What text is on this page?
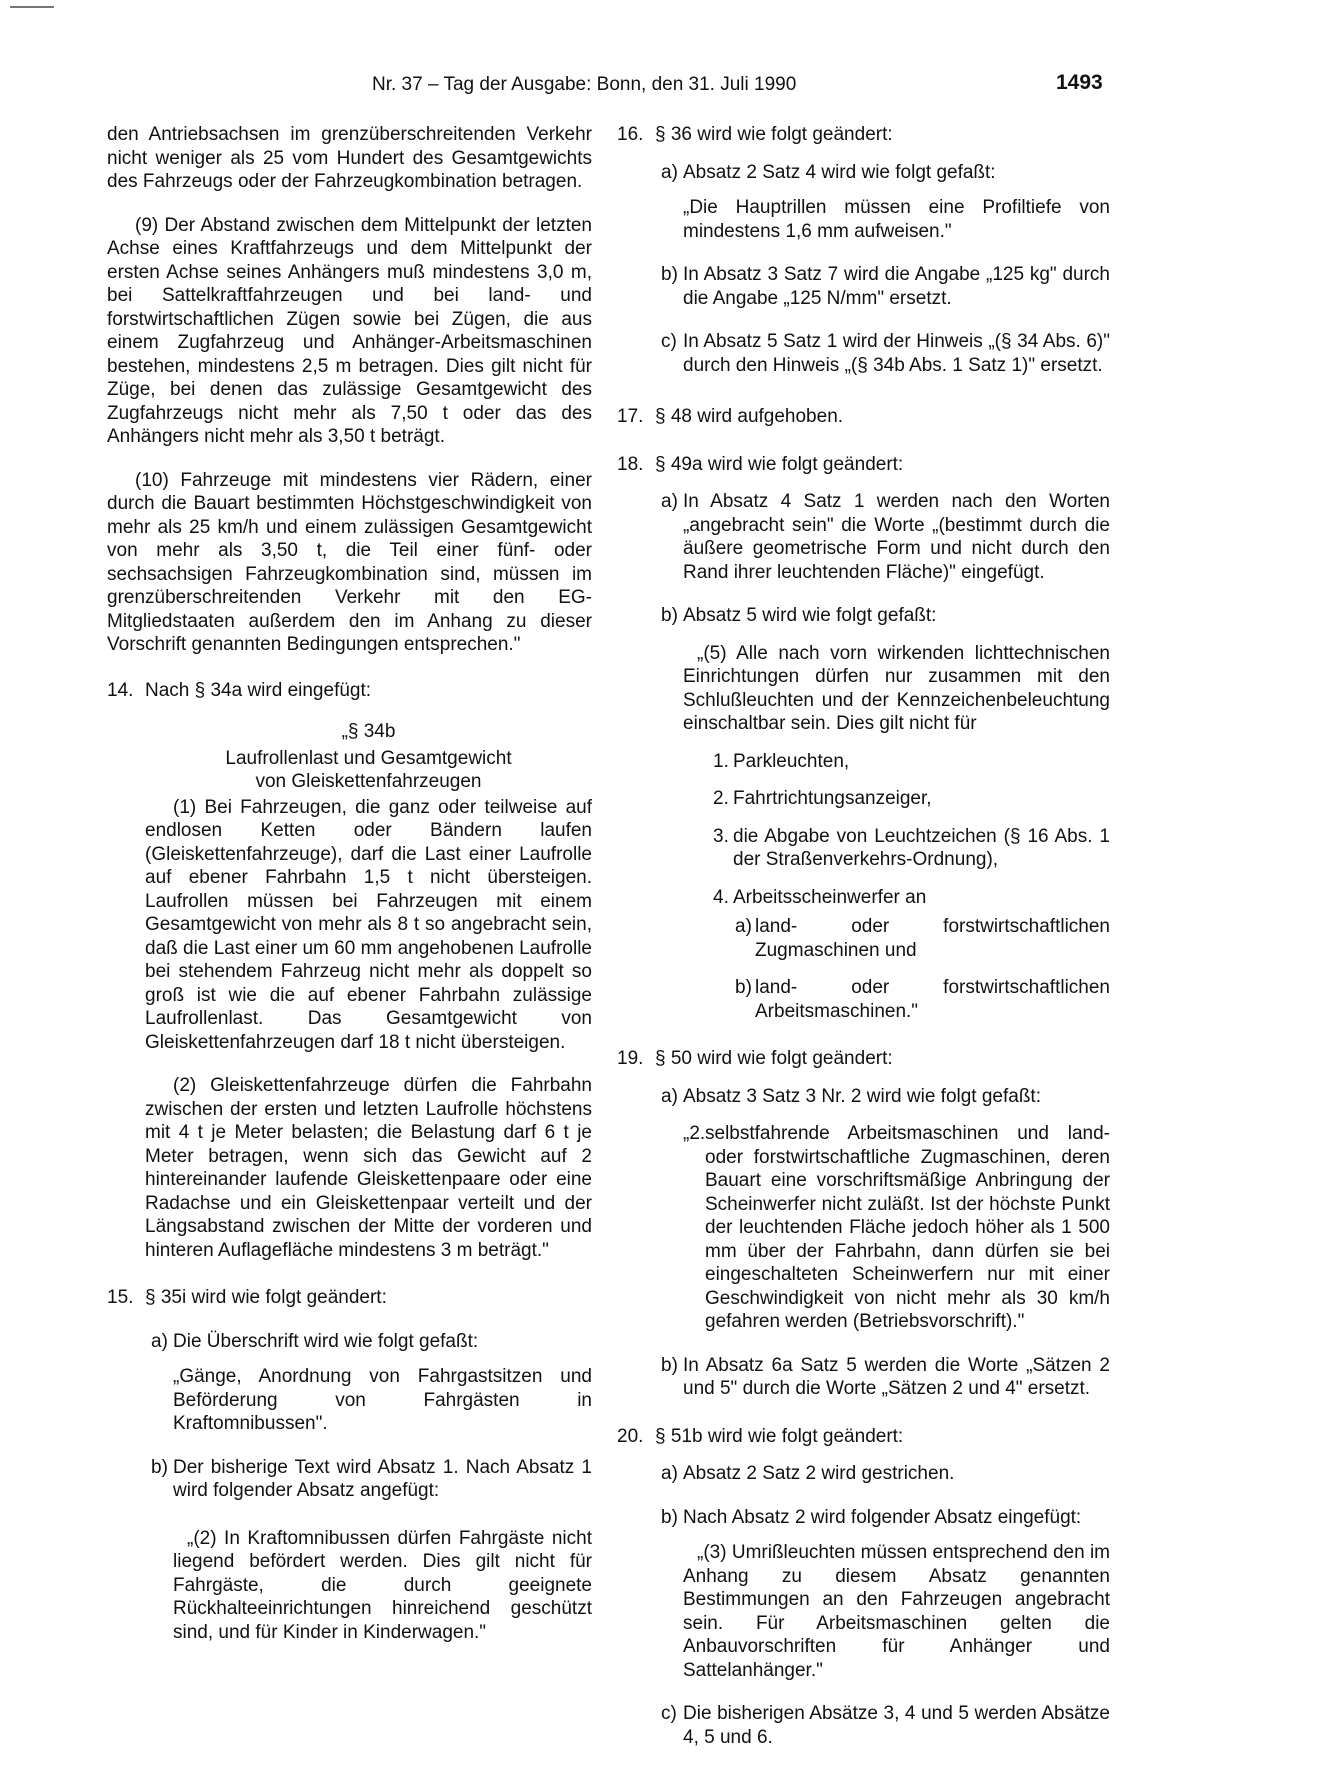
Nr. 37 – Tag der Ausgabe: Bonn, den 31. Juli 1990	1493

den Antriebsachsen im grenzüberschreitenden Verkehr nicht weniger als 25 vom Hundert des Gesamtgewichts des Fahrzeugs oder der Fahrzeugkombination betragen.

(9) Der Abstand zwischen dem Mittelpunkt der letzten Achse eines Kraftfahrzeugs und dem Mittelpunkt der ersten Achse seines Anhängers muß mindestens 3,0 m, bei Sattelkraftfahrzeugen und bei land- und forstwirtschaftlichen Zügen sowie bei Zügen, die aus einem Zugfahrzeug und Anhänger-Arbeitsmaschinen bestehen, mindestens 2,5 m betragen. Dies gilt nicht für Züge, bei denen das zulässige Gesamtgewicht des Zugfahrzeugs nicht mehr als 7,50 t oder das des Anhängers nicht mehr als 3,50 t beträgt.

(10) Fahrzeuge mit mindestens vier Rädern, einer durch die Bauart bestimmten Höchstgeschwindigkeit von mehr als 25 km/h und einem zulässigen Gesamtgewicht von mehr als 3,50 t, die Teil einer fünf- oder sechsachsigen Fahrzeugkombination sind, müssen im grenzüberschreitenden Verkehr mit den EG-Mitgliedstaaten außerdem den im Anhang zu dieser Vorschrift genannten Bedingungen entsprechen."

14. Nach § 34a wird eingefügt:

„§ 34b

Laufrollenlast und Gesamtgewicht

von Gleiskettenfahrzeugen

(1) Bei Fahrzeugen, die ganz oder teilweise auf endlosen Ketten oder Bändern laufen (Gleiskettenfahrzeuge), darf die Last einer Laufrolle auf ebener Fahrbahn 1,5 t nicht übersteigen. Laufrollen müssen bei Fahrzeugen mit einem Gesamtgewicht von mehr als 8 t so angebracht sein, daß die Last einer um 60 mm angehobenen Laufrolle bei stehendem Fahrzeug nicht mehr als doppelt so groß ist wie die auf ebener Fahrbahn zulässige Laufrollenlast. Das Gesamtgewicht von Gleiskettenfahrzeugen darf 18 t nicht übersteigen.

(2) Gleiskettenfahrzeuge dürfen die Fahrbahn zwischen der ersten und letzten Laufrolle höchstens mit 4 t je Meter belasten; die Belastung darf 6 t je Meter betragen, wenn sich das Gewicht auf 2 hintereinander laufende Gleiskettenpaare oder eine Radachse und ein Gleiskettenpaar verteilt und der Längsabstand zwischen der Mitte der vorderen und hinteren Auflagefläche mindestens 3 m beträgt."

15. § 35i wird wie folgt geändert:

a) Die Überschrift wird wie folgt gefaßt:

„Gänge, Anordnung von Fahrgastsitzen und Beförderung von Fahrgästen in Kraftomnibussen".

b) Der bisherige Text wird Absatz 1. Nach Absatz 1 wird folgender Absatz angefügt:

„(2) In Kraftomnibussen dürfen Fahrgäste nicht liegend befördert werden. Dies gilt nicht für Fahrgäste, die durch geeignete Rückhalteeinrichtungen hinreichend geschützt sind, und für Kinder in Kinderwagen."

16. § 36 wird wie folgt geändert:

a) Absatz 2 Satz 4 wird wie folgt gefaßt:

„Die Hauptrillen müssen eine Profiltiefe von mindestens 1,6 mm aufweisen."

b) In Absatz 3 Satz 7 wird die Angabe „125 kg" durch die Angabe „125 N/mm" ersetzt.

c) In Absatz 5 Satz 1 wird der Hinweis „(§ 34 Abs. 6)" durch den Hinweis „(§ 34b Abs. 1 Satz 1)" ersetzt.

17. § 48 wird aufgehoben.

18. § 49a wird wie folgt geändert:

a) In Absatz 4 Satz 1 werden nach den Worten „angebracht sein" die Worte „(bestimmt durch die äußere geometrische Form und nicht durch den Rand ihrer leuchtenden Fläche)" eingefügt.

b) Absatz 5 wird wie folgt gefaßt:

„(5) Alle nach vorn wirkenden lichttechnischen Einrichtungen dürfen nur zusammen mit den Schlußleuchten und der Kennzeichenbeleuchtung einschaltbar sein. Dies gilt nicht für

1. Parkleuchten,

2. Fahrtrichtungsanzeiger,

3. die Abgabe von Leuchtzeichen (§ 16 Abs. 1 der Straßenverkehrs-Ordnung),

4. Arbeitsscheinwerfer an

a) land- oder forstwirtschaftlichen Zugmaschinen und

b) land- oder forstwirtschaftlichen Arbeitsmaschinen."

19. § 50 wird wie folgt geändert:

a) Absatz 3 Satz 3 Nr. 2 wird wie folgt gefaßt:

„2. selbstfahrende Arbeitsmaschinen und land- oder forstwirtschaftliche Zugmaschinen, deren Bauart eine vorschriftsmäßige Anbringung der Scheinwerfer nicht zuläßt. Ist der höchste Punkt der leuchtenden Fläche jedoch höher als 1 500 mm über der Fahrbahn, dann dürfen sie bei eingeschalteten Scheinwerfern nur mit einer Geschwindigkeit von nicht mehr als 30 km/h gefahren werden (Betriebsvorschrift)."

b) In Absatz 6a Satz 5 werden die Worte „Sätzen 2 und 5" durch die Worte „Sätzen 2 und 4" ersetzt.

20. § 51b wird wie folgt geändert:

a) Absatz 2 Satz 2 wird gestrichen.

b) Nach Absatz 2 wird folgender Absatz eingefügt:

„(3) Umrißleuchten müssen entsprechend den im Anhang zu diesem Absatz genannten Bestimmungen an den Fahrzeugen angebracht sein. Für Arbeitsmaschinen gelten die Anbauvorschriften für Anhänger und Sattelanhänger."

c) Die bisherigen Absätze 3, 4 und 5 werden Absätze 4, 5 und 6.
